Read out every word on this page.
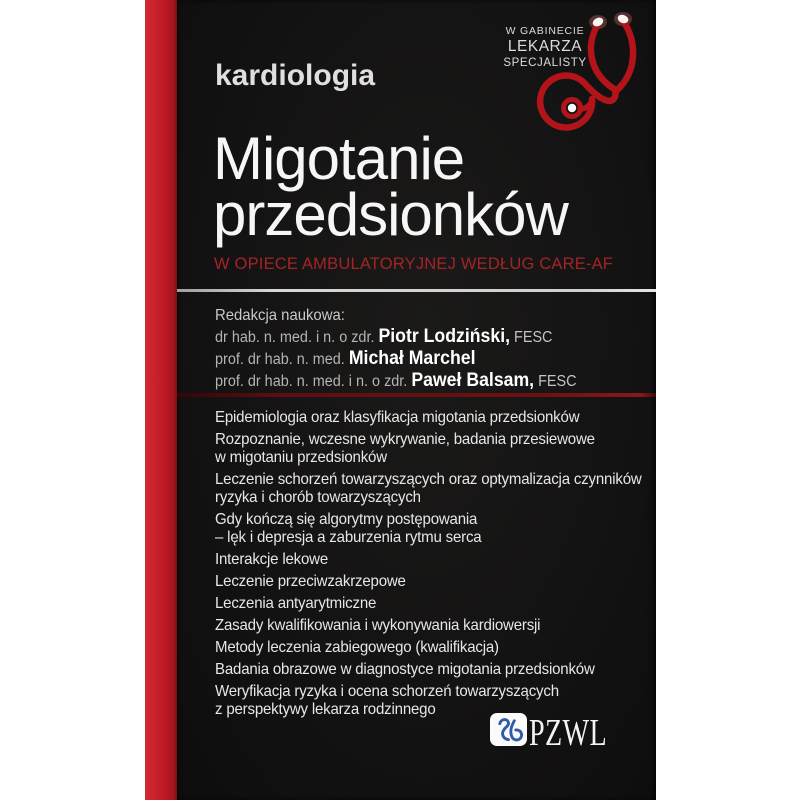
W GABINECIE
LEKARZA
SPECJALISTY
kardiologia
Migotanie
przedsionków
W OPIECE AMBULATORYJNEJ WEDŁUG CARE-AF
Redakcja naukowa:
dr hab. n. med. i n. o zdr. Piotr Lodziński, FESC
prof. dr hab. n. med. Michał Marchel
prof. dr hab. n. med. i n. o zdr. Paweł Balsam, FESC
Epidemiologia oraz klasyfikacja migotania przedsionków
Rozpoznanie, wczesne wykrywanie, badania przesiewowe
w migotaniu przedsionków
Leczenie schorzeń towarzyszących oraz optymalizacja czynników
ryzyka i chorób towarzyszących
Gdy kończą się algorytmy postępowania
– lęk i depresja a zaburzenia rytmu serca
Interakcje lekowe
Leczenie przeciwzakrzepowe
Leczenia antyarytmiczne
Zasady kwalifikowania i wykonywania kardiowersji
Metody leczenia zabiegowego (kwalifikacja)
Badania obrazowe w diagnostyce migotania przedsionków
Weryfikacja ryzyka i ocena schorzeń towarzyszących
z perspektywy lekarza rodzinnego
PZWL
